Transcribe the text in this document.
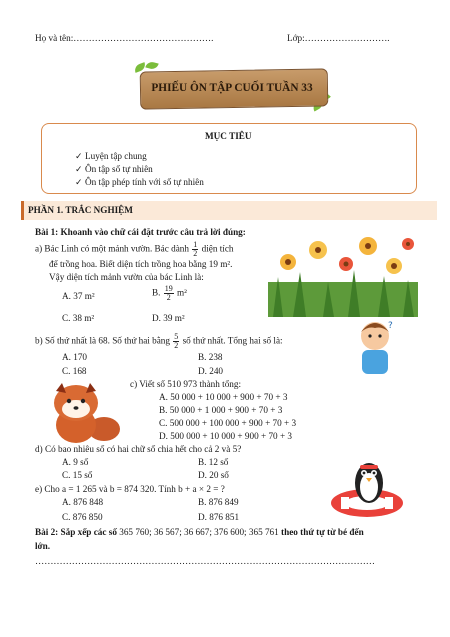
Họ và tên:……………………………………….	Lớp:……………………….
PHIẾU ÔN TẬP CUỐI TUẦN 33
MỤC TIÊU
✓ Luyện tập chung
✓ Ôn tập số tự nhiên
✓ Ôn tập phép tính với số tự nhiên
PHẦN 1. TRẮC NGHIỆM
Bài 1: Khoanh vào chữ cái đặt trước câu trả lời đúng:
a) Bác Linh có một mảnh vườn. Bác dành $\frac{1}{2}$ diện tích
để trồng hoa. Biết diện tích trồng hoa bằng 19 m².
Vậy diện tích mảnh vườn của bác Linh là:
A. 37 m²	B. $\frac{19}{2} m^2$
C. 38 m²	D. 39 m²
b) Số thứ nhất là 68. Số thứ hai bằng $\frac{5}{2}$ số thứ nhất. Tổng hai số là:
A. 170	B. 238
C. 168	D. 240
c) Viết số 510 973 thành tổng:
A. 50 000 + 10 000 + 900 + 70 + 3
B. 50 000 + 1 000 + 900 + 70 + 3
C. 500 000 + 100 000 + 900 + 70 + 3
D. 500 000 + 10 000 + 900 + 70 + 3
d) Có bao nhiêu số có hai chữ số chia hết cho cả 2 và 5?
A. 9 số	B. 12 số
C. 15 số	D. 20 số
e) Cho a = 1 265 và b = 874 320. Tính b + a × 2 = ?
A. 876 848	B. 876 849
C. 876 850	D. 876 851
Bài 2: Sắp xếp các số 365 760; 36 567; 36 667; 376 600; 365 761 theo thứ tự từ bé đến
lớn.
…………………………………………………………………………………………………
?
